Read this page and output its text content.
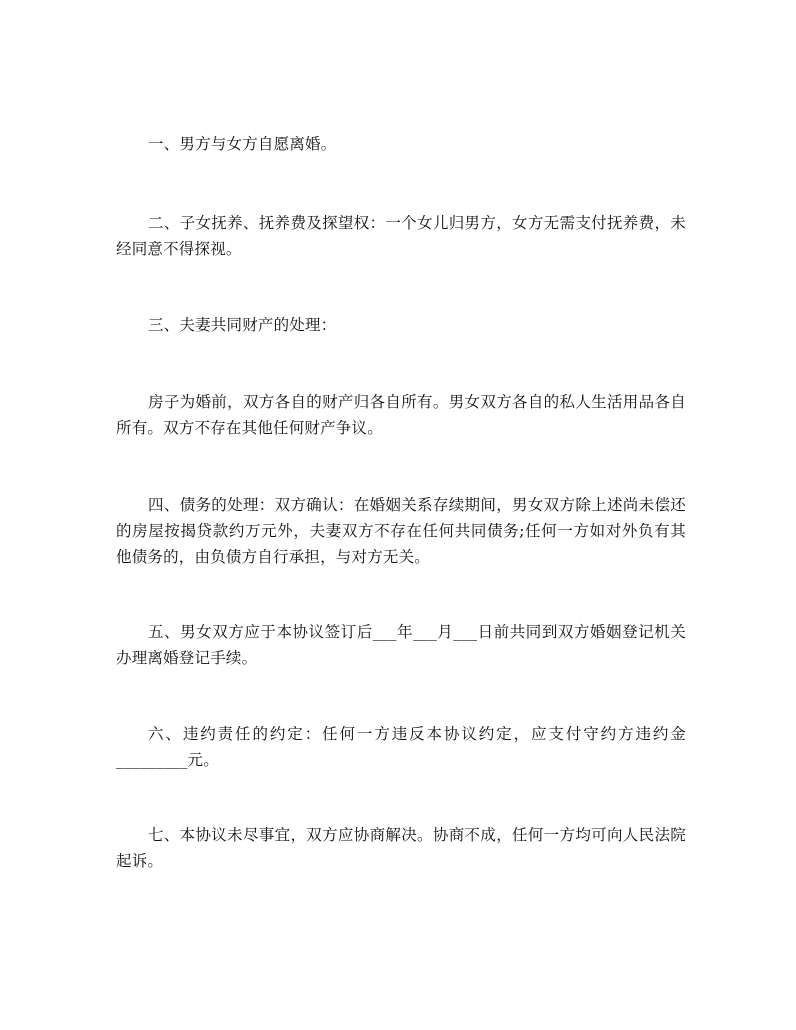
一、男方与女方自愿离婚。

二、子女抚养、抚养费及探望权：一个女儿归男方，女方无需支付抚养费，未经同意不得探视。

三、夫妻共同财产的处理：

房子为婚前，双方各自的财产归各自所有。男女双方各自的私人生活用品各自所有。双方不存在其他任何财产争议。

四、债务的处理：双方确认：在婚姻关系存续期间，男女双方除上述尚未偿还的房屋按揭贷款约万元外，夫妻双方不存在任何共同债务;任何一方如对外负有其他债务的，由负债方自行承担，与对方无关。

五、男女双方应于本协议签订后___年___月___日前共同到双方婚姻登记机关办理离婚登记手续。

六、违约责任的约定：任何一方违反本协议约定，应支付守约方违约金_________元。

七、本协议未尽事宜，双方应协商解决。协商不成，任何一方均可向人民法院起诉。
